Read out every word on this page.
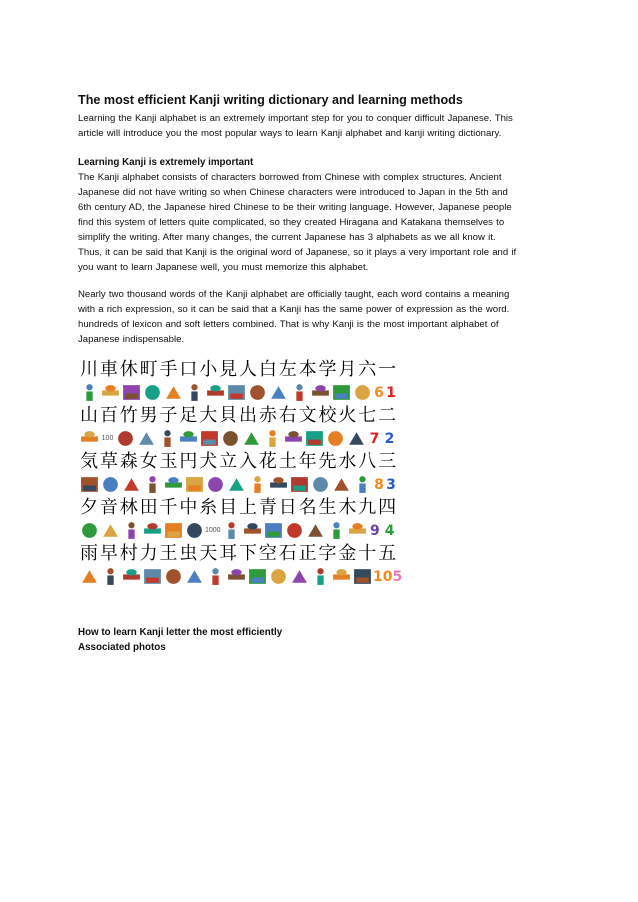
The most efficient Kanji writing dictionary and learning methods

Learning the Kanji alphabet is an extremely important step for you to conquer difficult Japanese. This
article will introduce you the most popular ways to learn Kanji alphabet and kanji writing dictionary.

Learning Kanji is extremely important

The Kanji alphabet consists of characters borrowed from Chinese with complex structures. Ancient
Japanese did not have writing so when Chinese characters were introduced to Japan in the 5th and
6th century AD, the Japanese hired Chinese to be their writing language. However, Japanese people
find this system of letters quite complicated, so they created Hiragana and Katakana themselves to
simplify the writing. After many changes, the current Japanese has 3 alphabets as we all know it.
Thus, it can be said that Kanji is the original word of Japanese, so it plays a very important role and if
you want to learn Japanese well, you must memorize this alphabet.

Nearly two thousand words of the Kanji alphabet are officially taught, each word contains a meaning
with a rich expression, so it can be said that a Kanji has the same power of expression as the word.
hundreds of lexicon and soft letters combined. That is why Kanji is the most important alphabet of
Japanese indispensable.

川 車 休 町 手 口 小 見 人 白 左 本 学 月 六 一
6 1
山 百 竹 男 子 足 大 貝 出 赤 右 文 校 火 七 二
100	7 2
気 草 森 女 玉 円 犬 立 入 花 土 年 先 水 八 三
8 3
夕 音 林 田 千 中 糸 目 上 青 日 名 生 木 九 四
1000	9 4
雨 早 村 力 王 虫 天 耳 下 空 石 正 字 金 十 五
10 5
How to learn Kanji letter the most efficiently
Associated photos
